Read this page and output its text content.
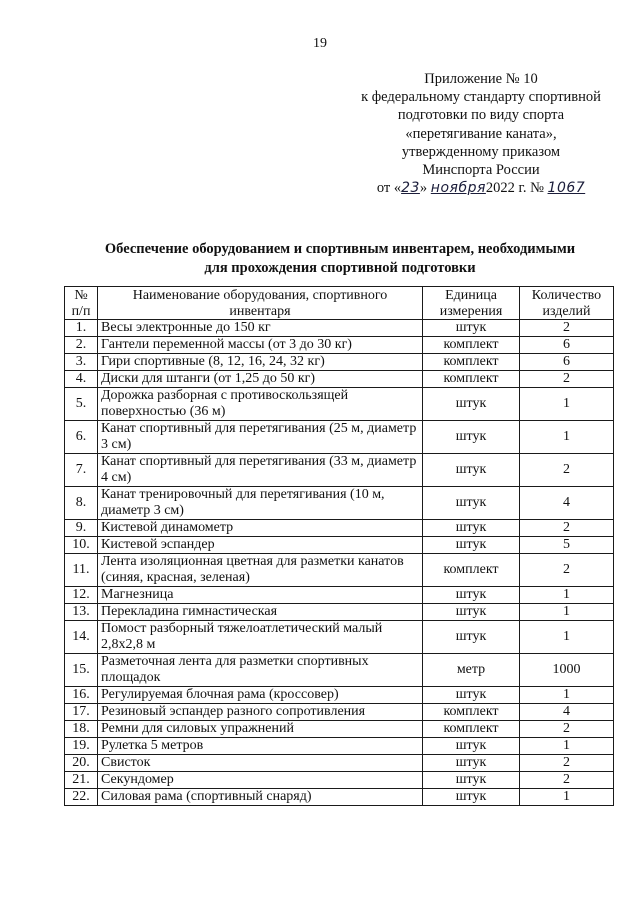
19
Приложение № 10
к федеральному стандарту спортивной
подготовки по виду спорта
«перетягивание каната»,
утвержденному приказом
Минспорта России
от «23» ноября2022 г. № 1067
Обеспечение оборудованием и спортивным инвентарем, необходимыми
для прохождения спортивной подготовки
№ п/п	Наименование оборудования, спортивного инвентаря	Единица измерения	Количество изделий
1.	Весы электронные до 150 кг	штук	2
2.	Гантели переменной массы (от 3 до 30 кг)	комплект	6
3.	Гири спортивные (8, 12, 16, 24, 32 кг)	комплект	6
4.	Диски для штанги (от 1,25 до 50 кг)	комплект	2
5.	Дорожка разборная с противоскользящей поверхностью (36 м)	штук	1
6.	Канат спортивный для перетягивания (25 м, диаметр 3 см)	штук	1
7.	Канат спортивный для перетягивания (33 м, диаметр 4 см)	штук	2
8.	Канат тренировочный для перетягивания (10 м, диаметр 3 см)	штук	4
9.	Кистевой динамометр	штук	2
10.	Кистевой эспандер	штук	5
11.	Лента изоляционная цветная для разметки канатов (синяя, красная, зеленая)	комплект	2
12.	Магнезница	штук	1
13.	Перекладина гимнастическая	штук	1
14.	Помост разборный тяжелоатлетический малый 2,8х2,8 м	штук	1
15.	Разметочная лента для разметки спортивных площадок	метр	1000
16.	Регулируемая блочная рама (кроссовер)	штук	1
17.	Резиновый эспандер разного сопротивления	комплект	4
18.	Ремни для силовых упражнений	комплект	2
19.	Рулетка 5 метров	штук	1
20.	Свисток	штук	2
21.	Секундомер	штук	2
22.	Силовая рама (спортивный снаряд)	штук	1
